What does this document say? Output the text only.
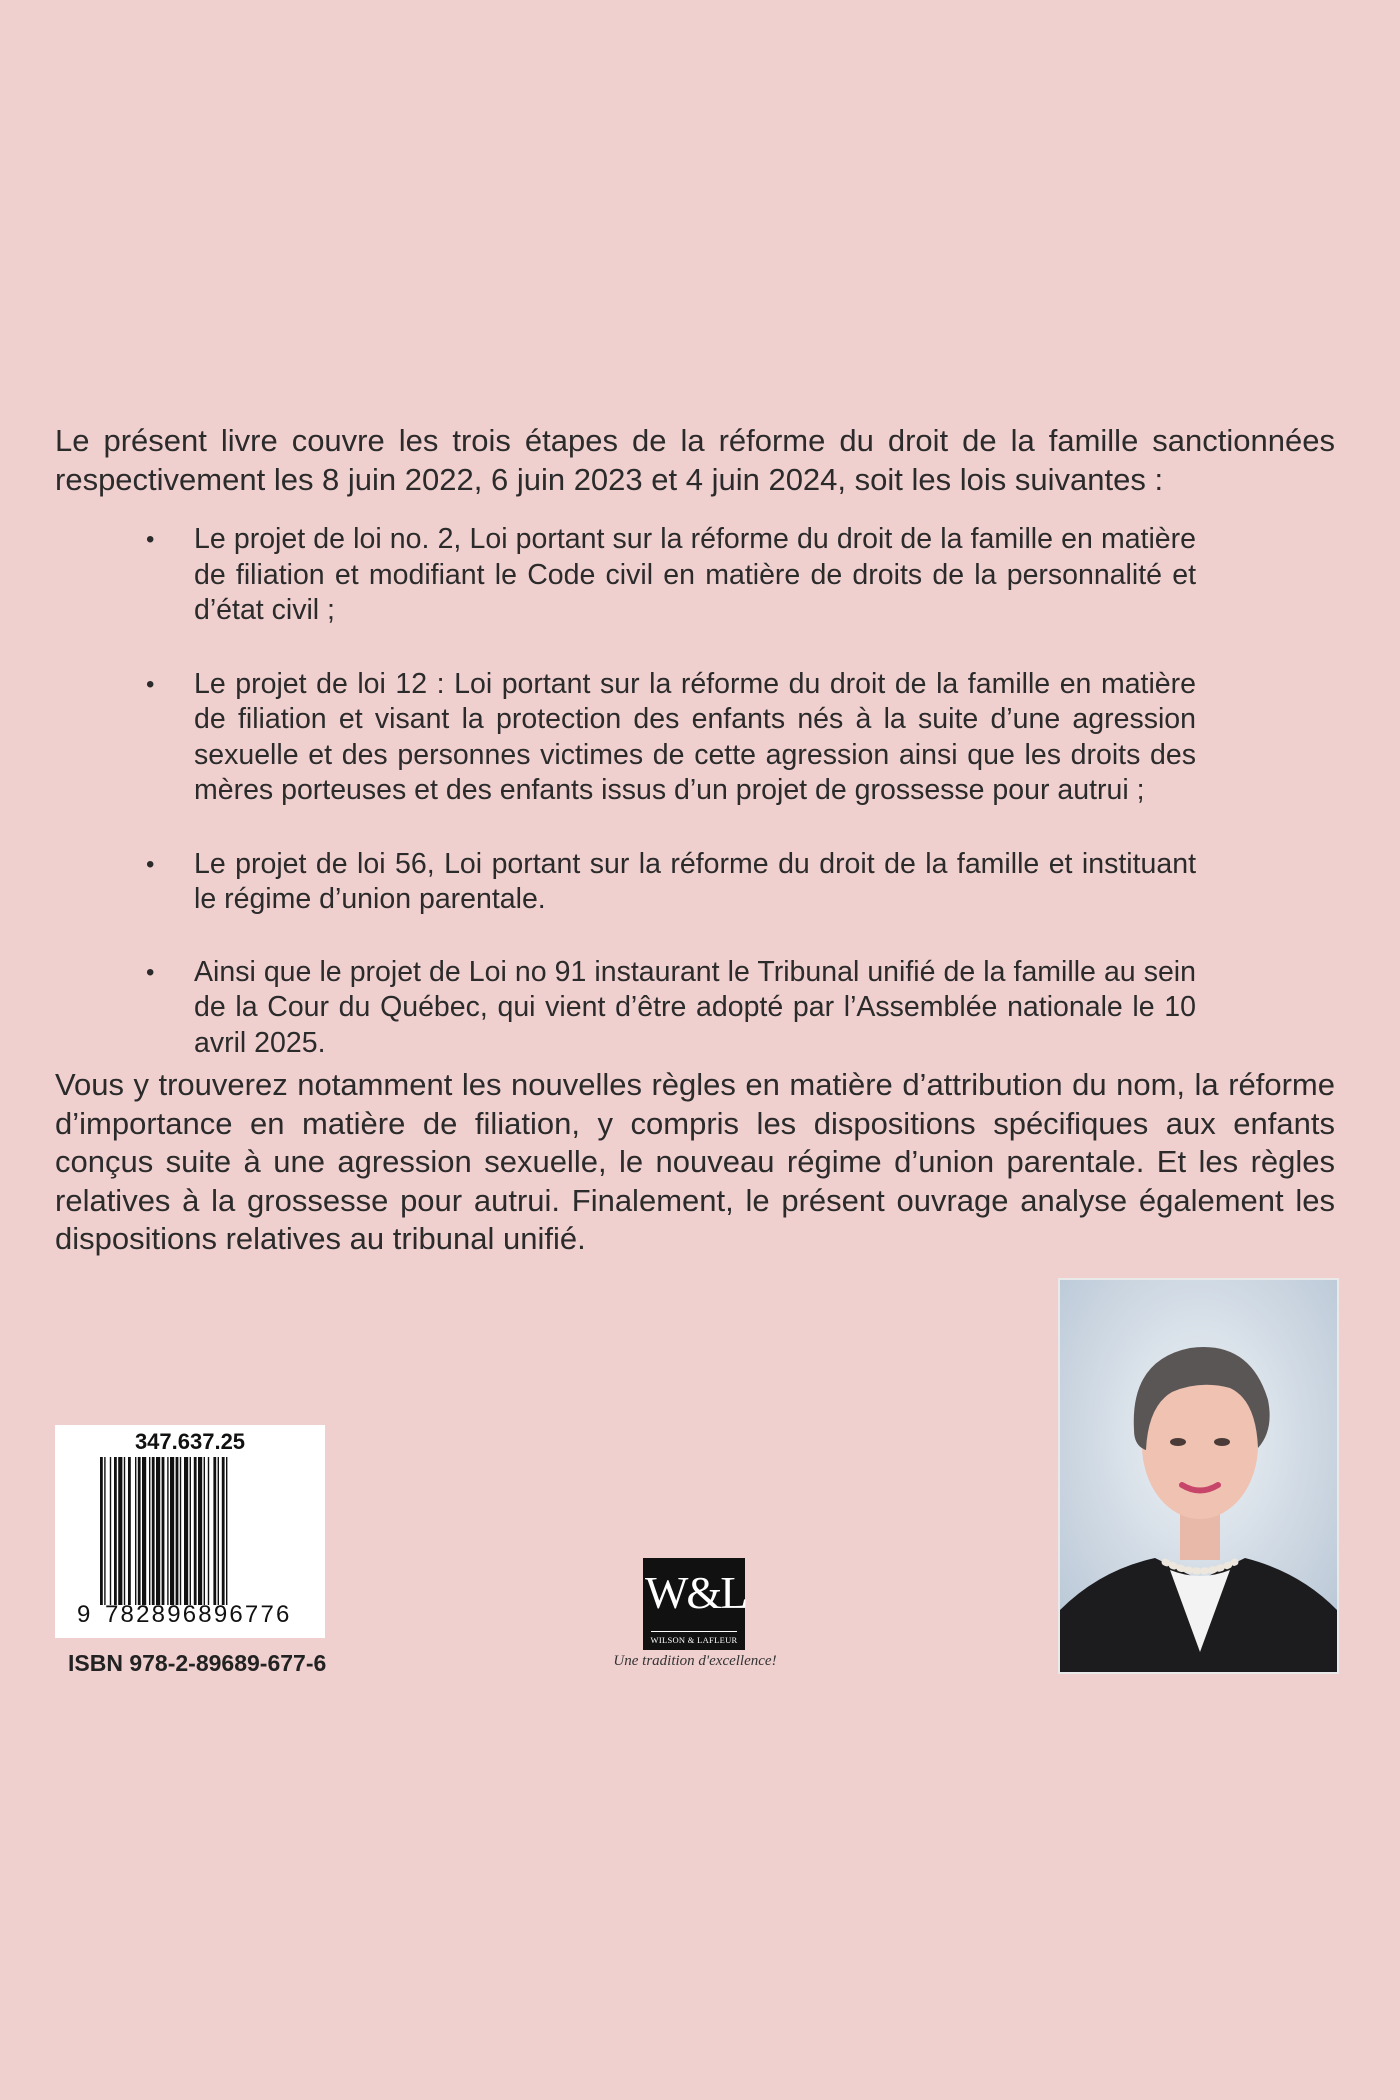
Le présent livre couvre les trois étapes de la réforme du droit de la famille sanctionnées respectivement les 8 juin 2022, 6 juin 2023 et 4 juin 2024, soit les lois suivantes :

•	Le projet de loi no. 2, Loi portant sur la réforme du droit de la famille en matière de filiation et modifiant le Code civil en matière de droits de la personnalité et d’état civil ;
•	Le projet de loi 12 : Loi portant sur la réforme du droit de la famille en matière de filiation et visant la protection des enfants nés à la suite d’une agression sexuelle et des personnes victimes de cette agression ainsi que les droits des mères porteuses et des enfants issus d’un projet de grossesse pour autrui ;
•	Le projet de loi 56, Loi portant sur la réforme du droit de la famille et instituant le régime d’union parentale.
•	Ainsi que le projet de Loi no 91 instaurant le Tribunal unifié de la famille au sein de la Cour du Québec, qui vient d’être adopté par l’Assemblée nationale le 10 avril 2025.

Vous y trouverez notamment les nouvelles règles en matière d’attribution du nom, la réforme d’importance en matière de filiation, y compris les dispositions spécifiques aux enfants conçus suite à une agression sexuelle, le nouveau régime d’union parentale. Et les règles relatives à la grossesse pour autrui. Finalement, le présent ouvrage analyse également les dispositions relatives au tribunal unifié.

347.637.25

9

782896896776

ISBN 978-2-89689-677-6
W&L
WILSON & LAFLEUR
Une tradition d'excellence!
